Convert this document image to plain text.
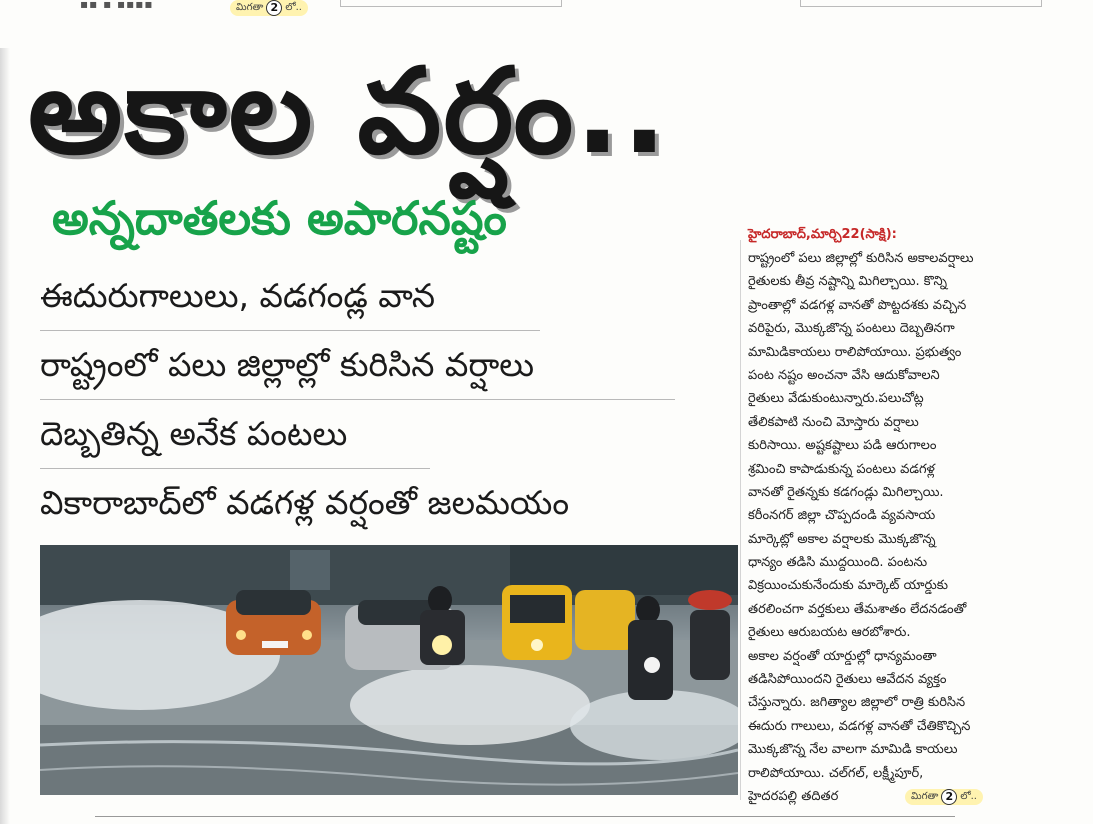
▪▪ ▪ ▪▪▪▪	మిగతా 2 లో..
అకాల వర్షం..
అన్నదాతలకు అపారనష్టం
ఈదురుగాలులు, వడగండ్ల వాన
రాష్ట్రంలో పలు జిల్లాల్లో కురిసిన వర్షాలు
దెబ్బతిన్న అనేక పంటలు
వికారాబాద్‌లో వడగళ్ల వర్షంతో జలమయం
హైదరాబాద్,మార్చి22(సాక్షి):
రాష్ట్రంలో పలు జిల్లాల్లో కురిసిన అకాలవర్షాలు
రైతులకు తీవ్ర నష్టాన్ని మిగిల్చాయి. కొన్ని
ప్రాంతాల్లో వడగళ్ల వానతో పొట్టదశకు వచ్చిన
వరిపైరు, మొక్కజొన్న పంటలు దెబ్బతినగా
మామిడికాయలు రాలిపోయాయి. ప్రభుత్వం
పంట నష్టం అంచనా వేసి ఆదుకోవాలని
రైతులు వేడుకుంటున్నారు.పలుచోట్ల
తేలికపాటి నుంచి మోస్తారు వర్షాలు
కురిసాయి. అష్టకష్టాలు పడి ఆరుగాలం
శ్రమించి కాపాడుకున్న పంటలు వడగళ్ల
వానతో రైతన్నకు కడగండ్లు మిగిల్చాయి.
కరీంనగర్ జిల్లా చొప్పదండి వ్యవసాయ
మార్కెట్లో అకాల వర్షాలకు మొక్కజొన్న
ధాన్యం తడిసి ముద్దయింది. పంటను
విక్రయించుకునేందుకు మార్కెట్ యార్డుకు
తరలించగా వర్తకులు తేమశాతం లేదనడంతో
రైతులు ఆరుబయట ఆరబోశారు.
అకాల వర్షంతో యార్డుల్లో ధాన్యమంతా
తడిసిపోయిందని రైతులు ఆవేదన వ్యక్తం
చేస్తున్నారు. జగిత్యాల జిల్లాలో రాత్రి కురిసిన
ఈదురు గాలులు, వడగళ్ల వానతో చేతికొచ్చిన
మొక్కజొన్న నేల వాలగా మామిడి కాయలు
రాలిపోయాయి. చల్‌గల్, లక్ష్మీపూర్,
హైదరపల్లి తదితర	మిగతా 2 లో..
